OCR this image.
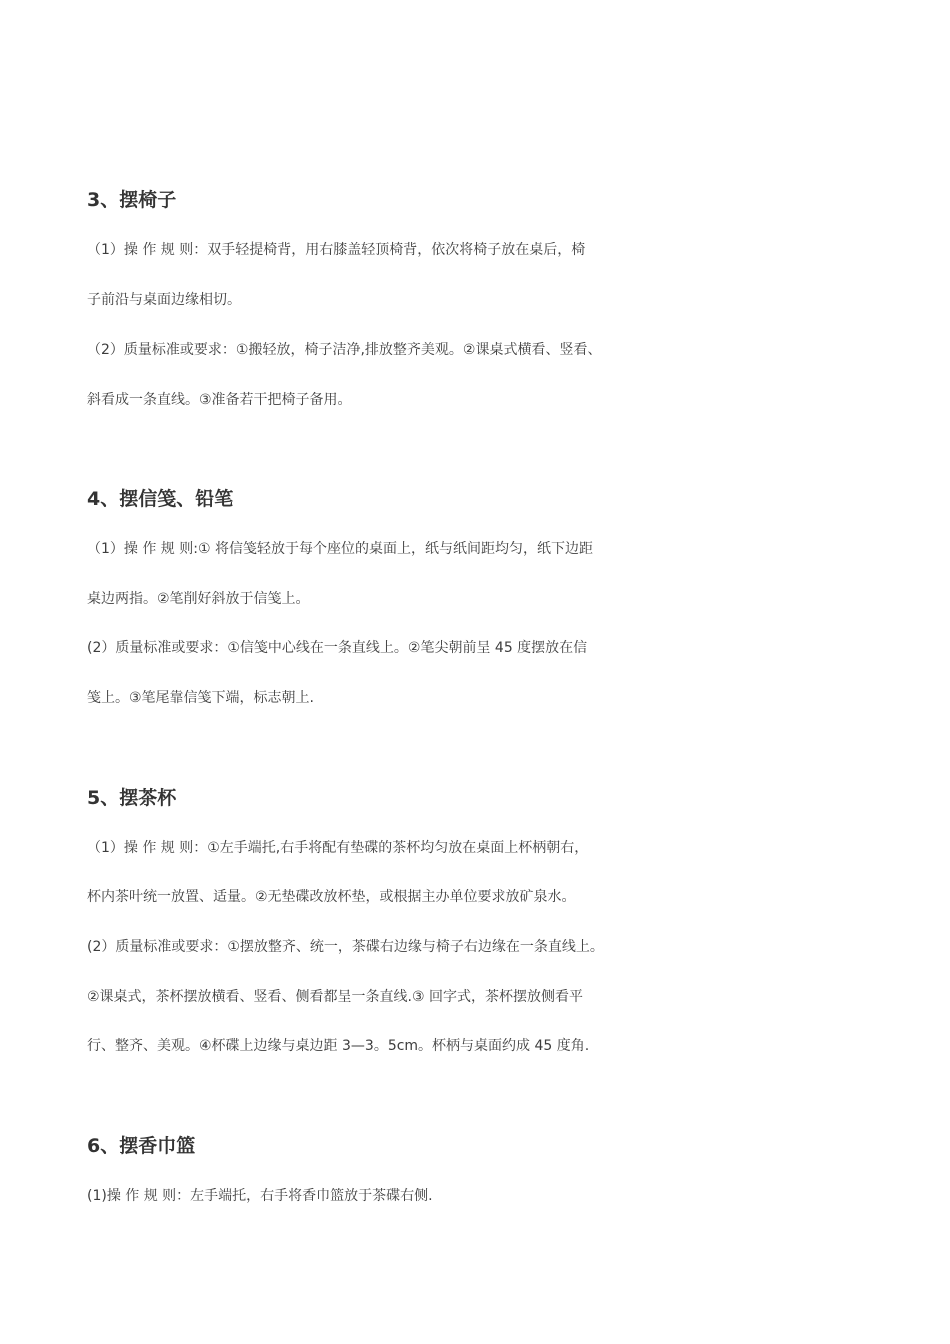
3、摆椅子

（1）操 作 规 则：双手轻提椅背，用右膝盖轻顶椅背，依次将椅子放在桌后，椅

子前沿与桌面边缘相切。

（2）质量标准或要求：①搬轻放，椅子洁净,排放整齐美观。②课桌式横看、竖看、

斜看成一条直线。③准备若干把椅子备用。

4、摆信笺、铅笔

（1）操 作 规 则:① 将信笺轻放于每个座位的桌面上，纸与纸间距均匀，纸下边距

桌边两指。②笔削好斜放于信笺上。

(2）质量标准或要求：①信笺中心线在一条直线上。②笔尖朝前呈 45 度摆放在信

笺上。③笔尾靠信笺下端，标志朝上.

5、摆茶杯

（1）操 作 规 则：①左手端托,右手将配有垫碟的茶杯均匀放在桌面上杯柄朝右，

杯内茶叶统一放置、适量。②无垫碟改放杯垫，或根据主办单位要求放矿泉水。

(2）质量标准或要求：①摆放整齐、统一，茶碟右边缘与椅子右边缘在一条直线上。

②课桌式，茶杯摆放横看、竖看、侧看都呈一条直线.③ 回字式，茶杯摆放侧看平

行、整齐、美观。④杯碟上边缘与桌边距 3—3。5cm。杯柄与桌面约成 45 度角.

6、摆香巾篮

(1)操 作 规 则：左手端托，右手将香巾篮放于茶碟右侧.
